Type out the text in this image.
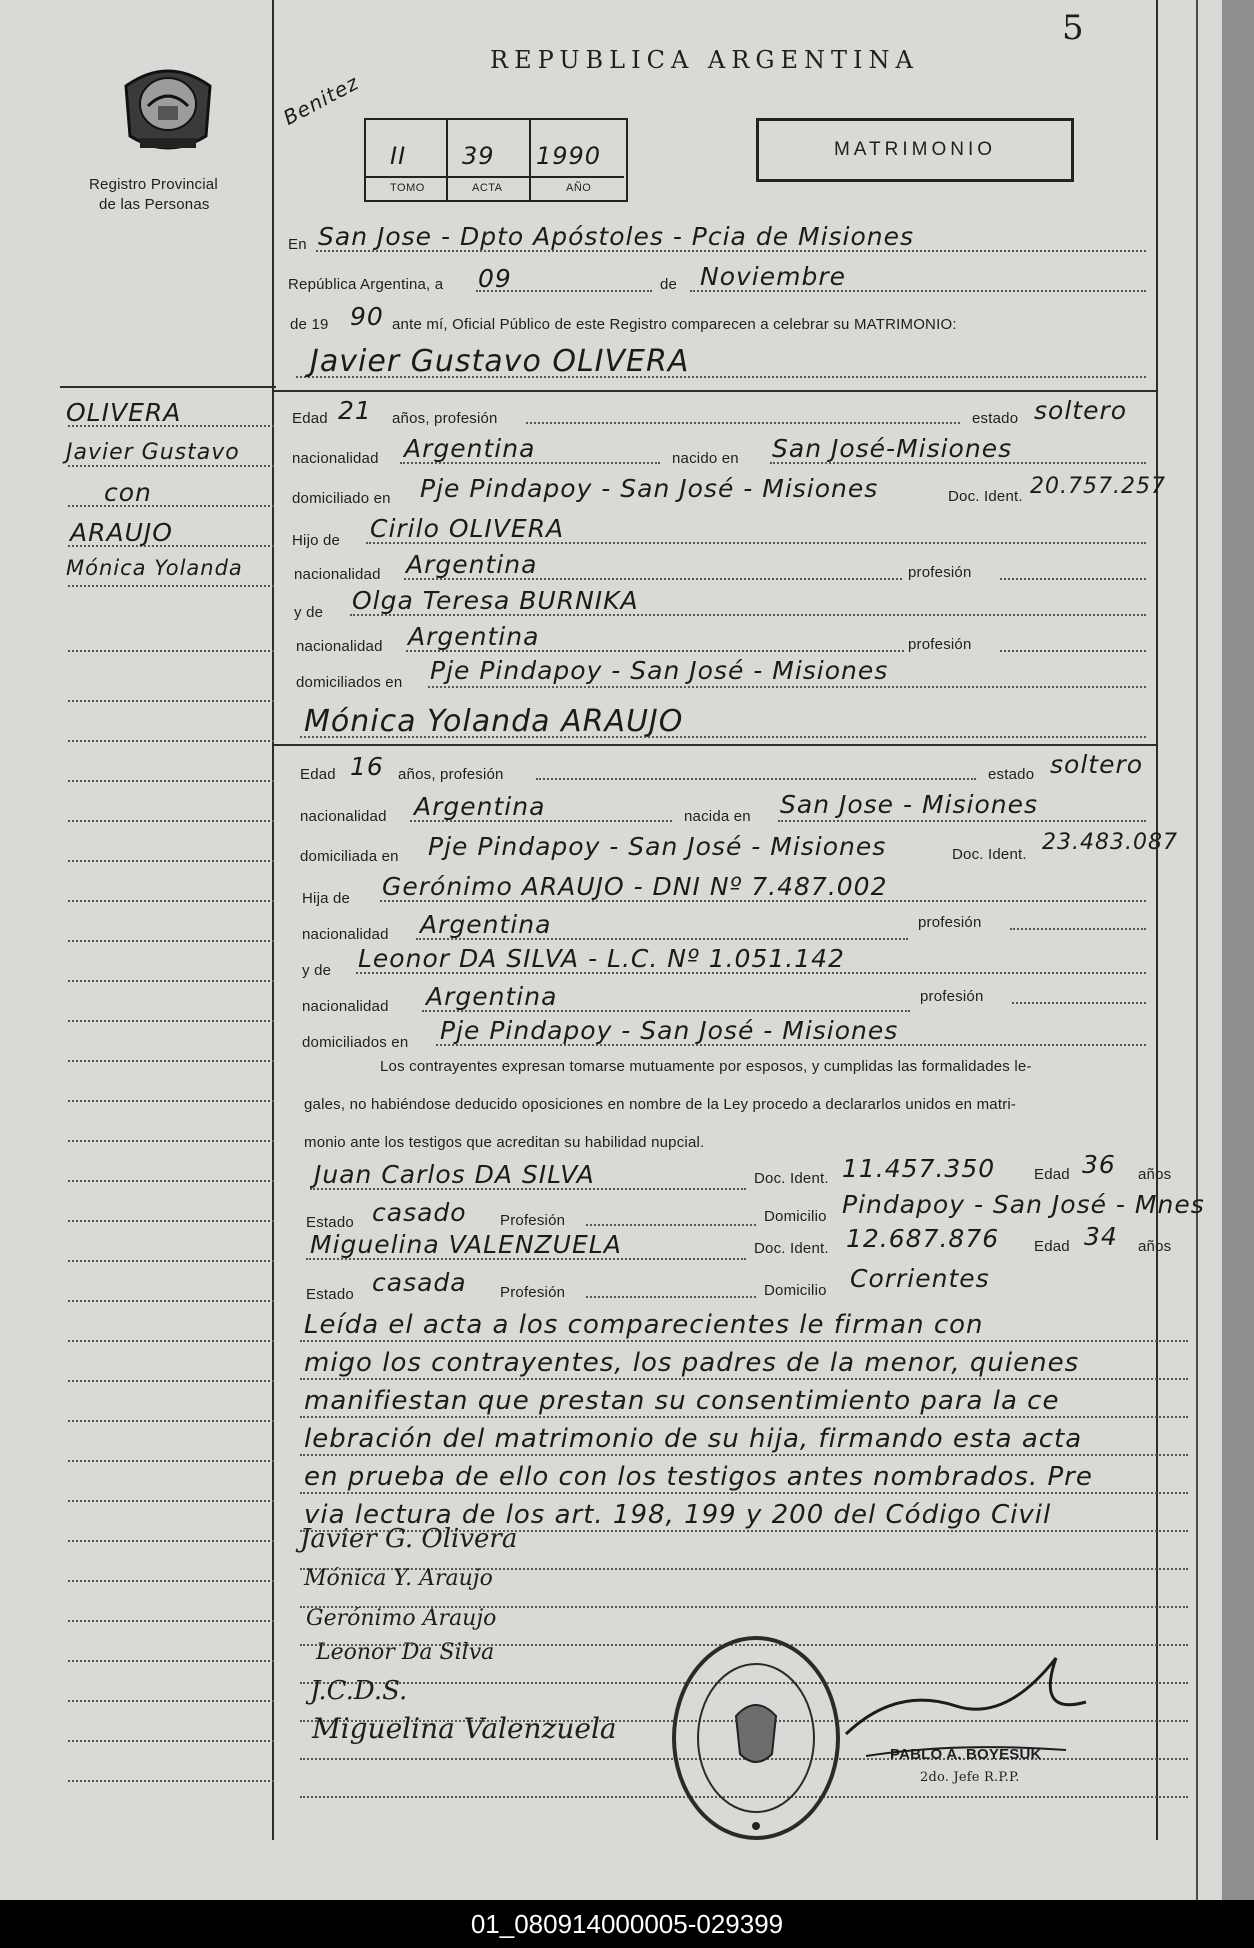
5
Registro Provincial
de las Personas
REPUBLICA ARGENTINA
Benitez
II 39 1990
TOMO	ACTA	AÑO
MATRIMONIO
En San Jose - Dpto Apóstoles - Pcia de Misiones
República Argentina, a 09	de Noviembre
de 19 90 ante mí, Oficial Público de este Registro comparecen a celebrar su MATRIMONIO:
Javier Gustavo OLIVERA
Edad 21 años, profesión	estado soltero
nacionalidad Argentina	nacido en San José-Misiones
domiciliado en Pje Pindapoy - San José - Misiones	Doc. Ident. 20.757.257
Hijo de Cirilo OLIVERA
nacionalidad Argentina	profesión
y de Olga Teresa BURNIKA
nacionalidad Argentina	profesión
domiciliados en Pje Pindapoy - San José - Misiones
Mónica Yolanda ARAUJO
Edad 16 años, profesión	estado soltero
nacionalidad Argentina	nacida en San Jose - Misiones
domiciliada en Pje Pindapoy - San José - Misiones	Doc. Ident. 23.483.087
Hija de Gerónimo ARAUJO - DNI Nº 7.487.002
nacionalidad Argentina	profesión
y de Leonor DA SILVA - L.C. Nº 1.051.142
nacionalidad Argentina	profesión
domiciliados en Pje Pindapoy - San José - Misiones
Los contrayentes expresan tomarse mutuamente por esposos, y cumplidas las formalidades le-
gales, no habiéndose deducido oposiciones en nombre de la Ley procedo a declararlos unidos en matri-
monio ante los testigos que acreditan su habilidad nupcial.
Juan Carlos DA SILVA	Doc. Ident. 11.457.350	Edad 36 años
Estado casado Profesión	Domicilio Pindapoy - San José - Mnes
Miguelina VALENZUELA	Doc. Ident. 12.687.876 Edad 34 años
Estado casada Profesión	Domicilio Corrientes
Leída el acta a los comparecientes le firman con
migo los contrayentes, los padres de la menor, quienes
manifiestan que prestan su consentimiento para la ce
lebración del matrimonio de su hija, firmando esta acta
en prueba de ello con los testigos antes nombrados. Pre
via lectura de los art. 198, 199 y 200 del Código Civil
Javier G. Olivera
Mónica Y. Araujo
Gerónimo Araujo
Leonor Da Silva
J.C.D.S.
Miguelina Valenzuela
PABLO A. BOYESUK
2do. Jefe R.P.P.
OLIVERA
Javier Gustavo
con
ARAUJO
Mónica Yolanda
01_080914000005-029399
